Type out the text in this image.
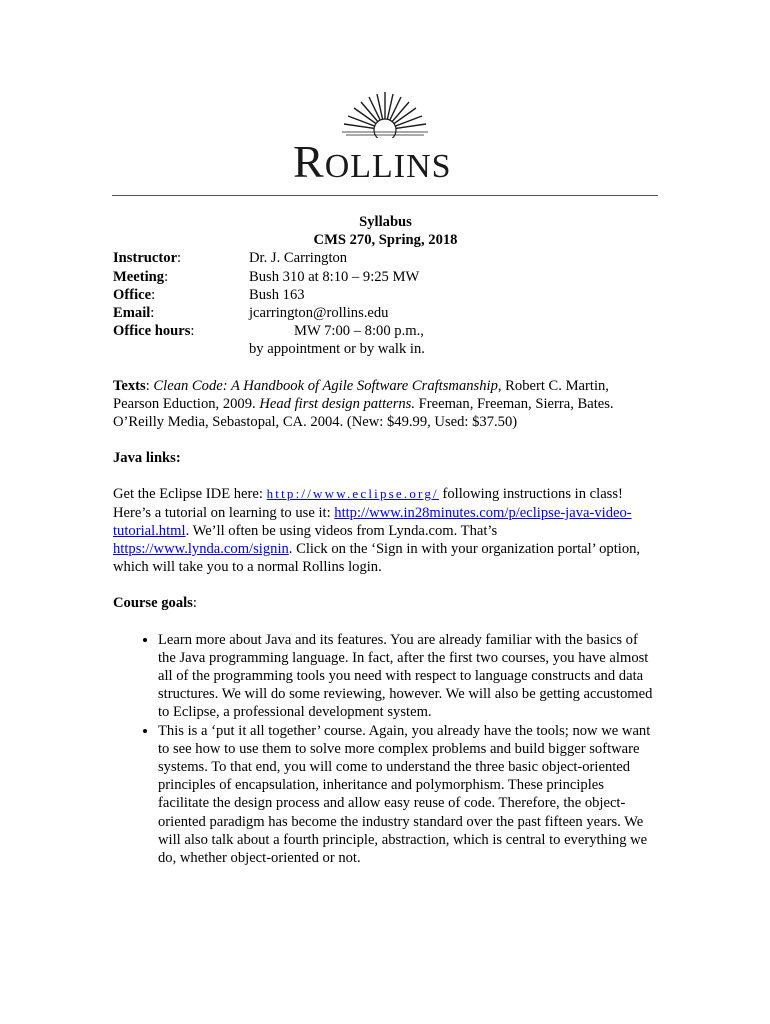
ROLLINS
Syllabus
CMS 270, Spring, 2018
Instructor:	Dr. J. Carrington
Meeting:	Bush 310 at 8:10 – 9:25 MW
Office:	Bush 163
Email:	jcarrington@rollins.edu
Office hours:	MW 7:00 – 8:00 p.m.,
by appointment or by walk in.

Texts: Clean Code: A Handbook of Agile Software Craftsmanship, Robert C. Martin, Pearson Eduction, 2009. Head first design patterns. Freeman, Freeman, Sierra, Bates. O’Reilly Media, Sebastopal, CA. 2004. (New: $49.99, Used: $37.50)

Java links:

Get the Eclipse IDE here: http://www.eclipse.org/ following instructions in class! Here’s a tutorial on learning to use it: http://www.in28minutes.com/p/eclipse-java-video-tutorial.html. We’ll often be using videos from Lynda.com. That’s https://www.lynda.com/signin. Click on the ‘Sign in with your organization portal’ option, which will take you to a normal Rollins login.

Course goals:

• Learn more about Java and its features. You are already familiar with the basics of the Java programming language. In fact, after the first two courses, you have almost all of the programming tools you need with respect to language constructs and data structures. We will do some reviewing, however. We will also be getting accustomed to Eclipse, a professional development system.
• This is a ‘put it all together’ course. Again, you already have the tools; now we want to see how to use them to solve more complex problems and build bigger software systems. To that end, you will come to understand the three basic object-oriented principles of encapsulation, inheritance and polymorphism. These principles facilitate the design process and allow easy reuse of code. Therefore, the object-oriented paradigm has become the industry standard over the past fifteen years. We will also talk about a fourth principle, abstraction, which is central to everything we do, whether object-oriented or not.
